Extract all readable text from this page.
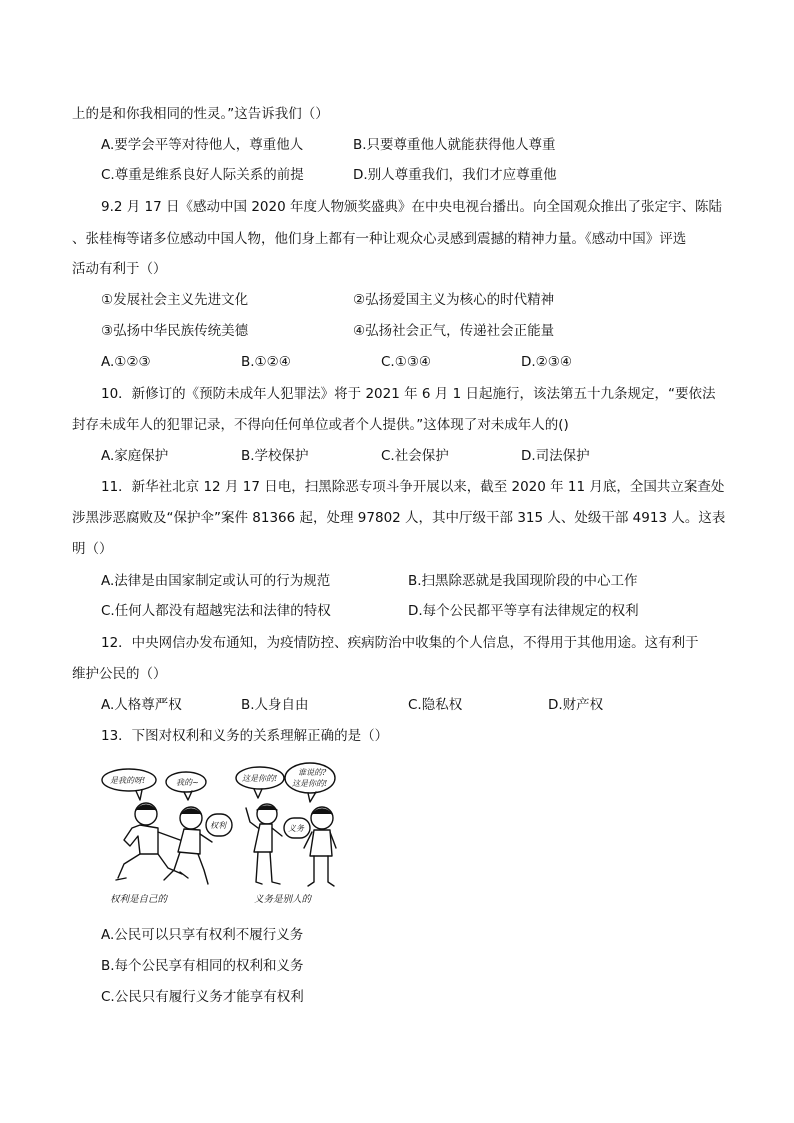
上的是和你我相同的性灵。”这告诉我们（）
A.要学会平等对待他人，尊重他人	B.只要尊重他人就能获得他人尊重
C.尊重是维系良好人际关系的前提	D.别人尊重我们，我们才应尊重他
9.2 月 17 日《感动中国 2020 年度人物颁奖盛典》在中央电视台播出。向全国观众推出了张定宇、陈陆
、张桂梅等诸多位感动中国人物，他们身上都有一种让观众心灵感到震撼的精神力量。《感动中国》评选
活动有利于（）
①发展社会主义先进文化	②弘扬爱国主义为核心的时代精神
③弘扬中华民族传统美德	④弘扬社会正气，传递社会正能量
A.①②③	B.①②④	C.①③④	D.②③④
10．新修订的《预防未成年人犯罪法》将于 2021 年 6 月 1 日起施行，该法第五十九条规定，“要依法
封存未成年人的犯罪记录，不得向任何单位或者个人提供。”这体现了对未成年人的()
A.家庭保护	B.学校保护	C.社会保护	D.司法保护
11．新华社北京 12 月 17 日电，扫黑除恶专项斗争开展以来，截至 2020 年 11 月底，全国共立案查处
涉黑涉恶腐败及“保护伞”案件 81366 起，处理 97802 人，其中厅级干部 315 人、处级干部 4913 人。这表
明（）
A.法律是由国家制定或认可的行为规范	B.扫黑除恶就是我国现阶段的中心工作
C.任何人都没有超越宪法和法律的特权	D.每个公民都平等享有法律规定的权利
12．中央网信办发布通知，为疫情防控、疾病防治中收集的个人信息，不得用于其他用途。这有利于
维护公民的（）
A.人格尊严权	B.人身自由	C.隐私权	D.财产权
13．下图对权利和义务的关系理解正确的是（）
是我的呀!	我的~	这是你的!
谁说的?
这是你的!
权利	义务
权利是自己的	义务是别人的
A.公民可以只享有权利不履行义务
B.每个公民享有相同的权利和义务
C.公民只有履行义务才能享有权利
